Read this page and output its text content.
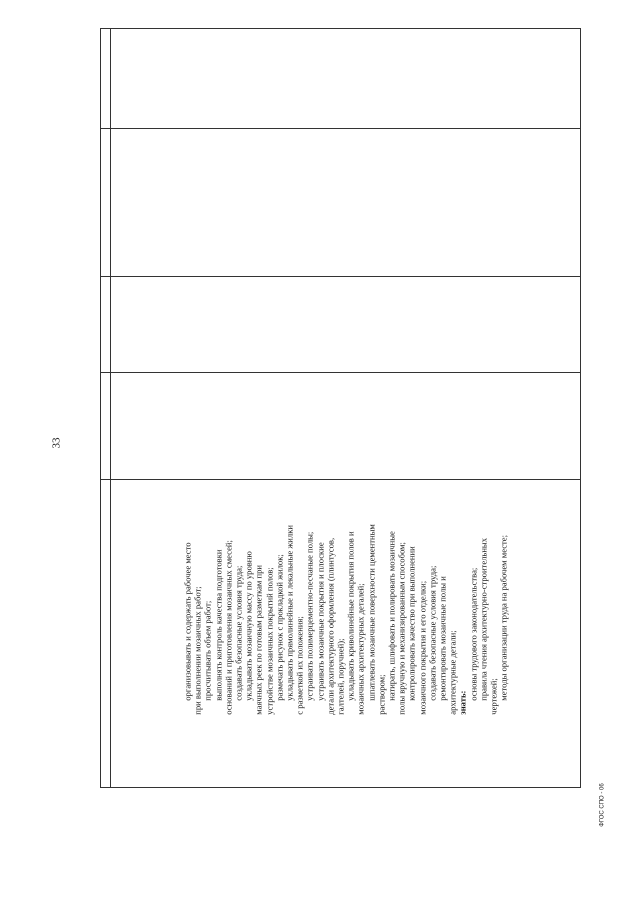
33
ФГОС СПО - 06

организовывать и содержать рабочее место при выполнении мозаичных работ; просчитывать объем работ; выполнять контроль качества подготовки оснований и приготовления мозаичных смесей; создавать безопасные условия труда; укладывать мозаичную массу по уровню маячных реек по готовым разметкам при устройстве мозаичных покрытий полов; размечать рисунок с прокладкой жилок; укладывать прямолинейные и лекальные жилки с разметкой их положения; устраивать полимерцементно-песчаные полы; устраивать мозаичные покрытия и плоские детали архитектурного оформления (плинтусов, галтелей, поручней); укладывать криволинейные покрытия полов и мозаичных архитектурных деталей; шпатлевать мозаичные поверхности цементным раствором; натирать, шлифовать и полировать мозаичные полы вручную и механизированным способом; контролировать качество при выполнении мозаичного покрытия и его отделки; создавать безопасные условия труда; ремонтировать мозаичные полы и архитектурные детали; знать:

основы трудового законодательства; правила чтения архитектурно-строительных чертежей; методы организации труда на рабочем месте;
